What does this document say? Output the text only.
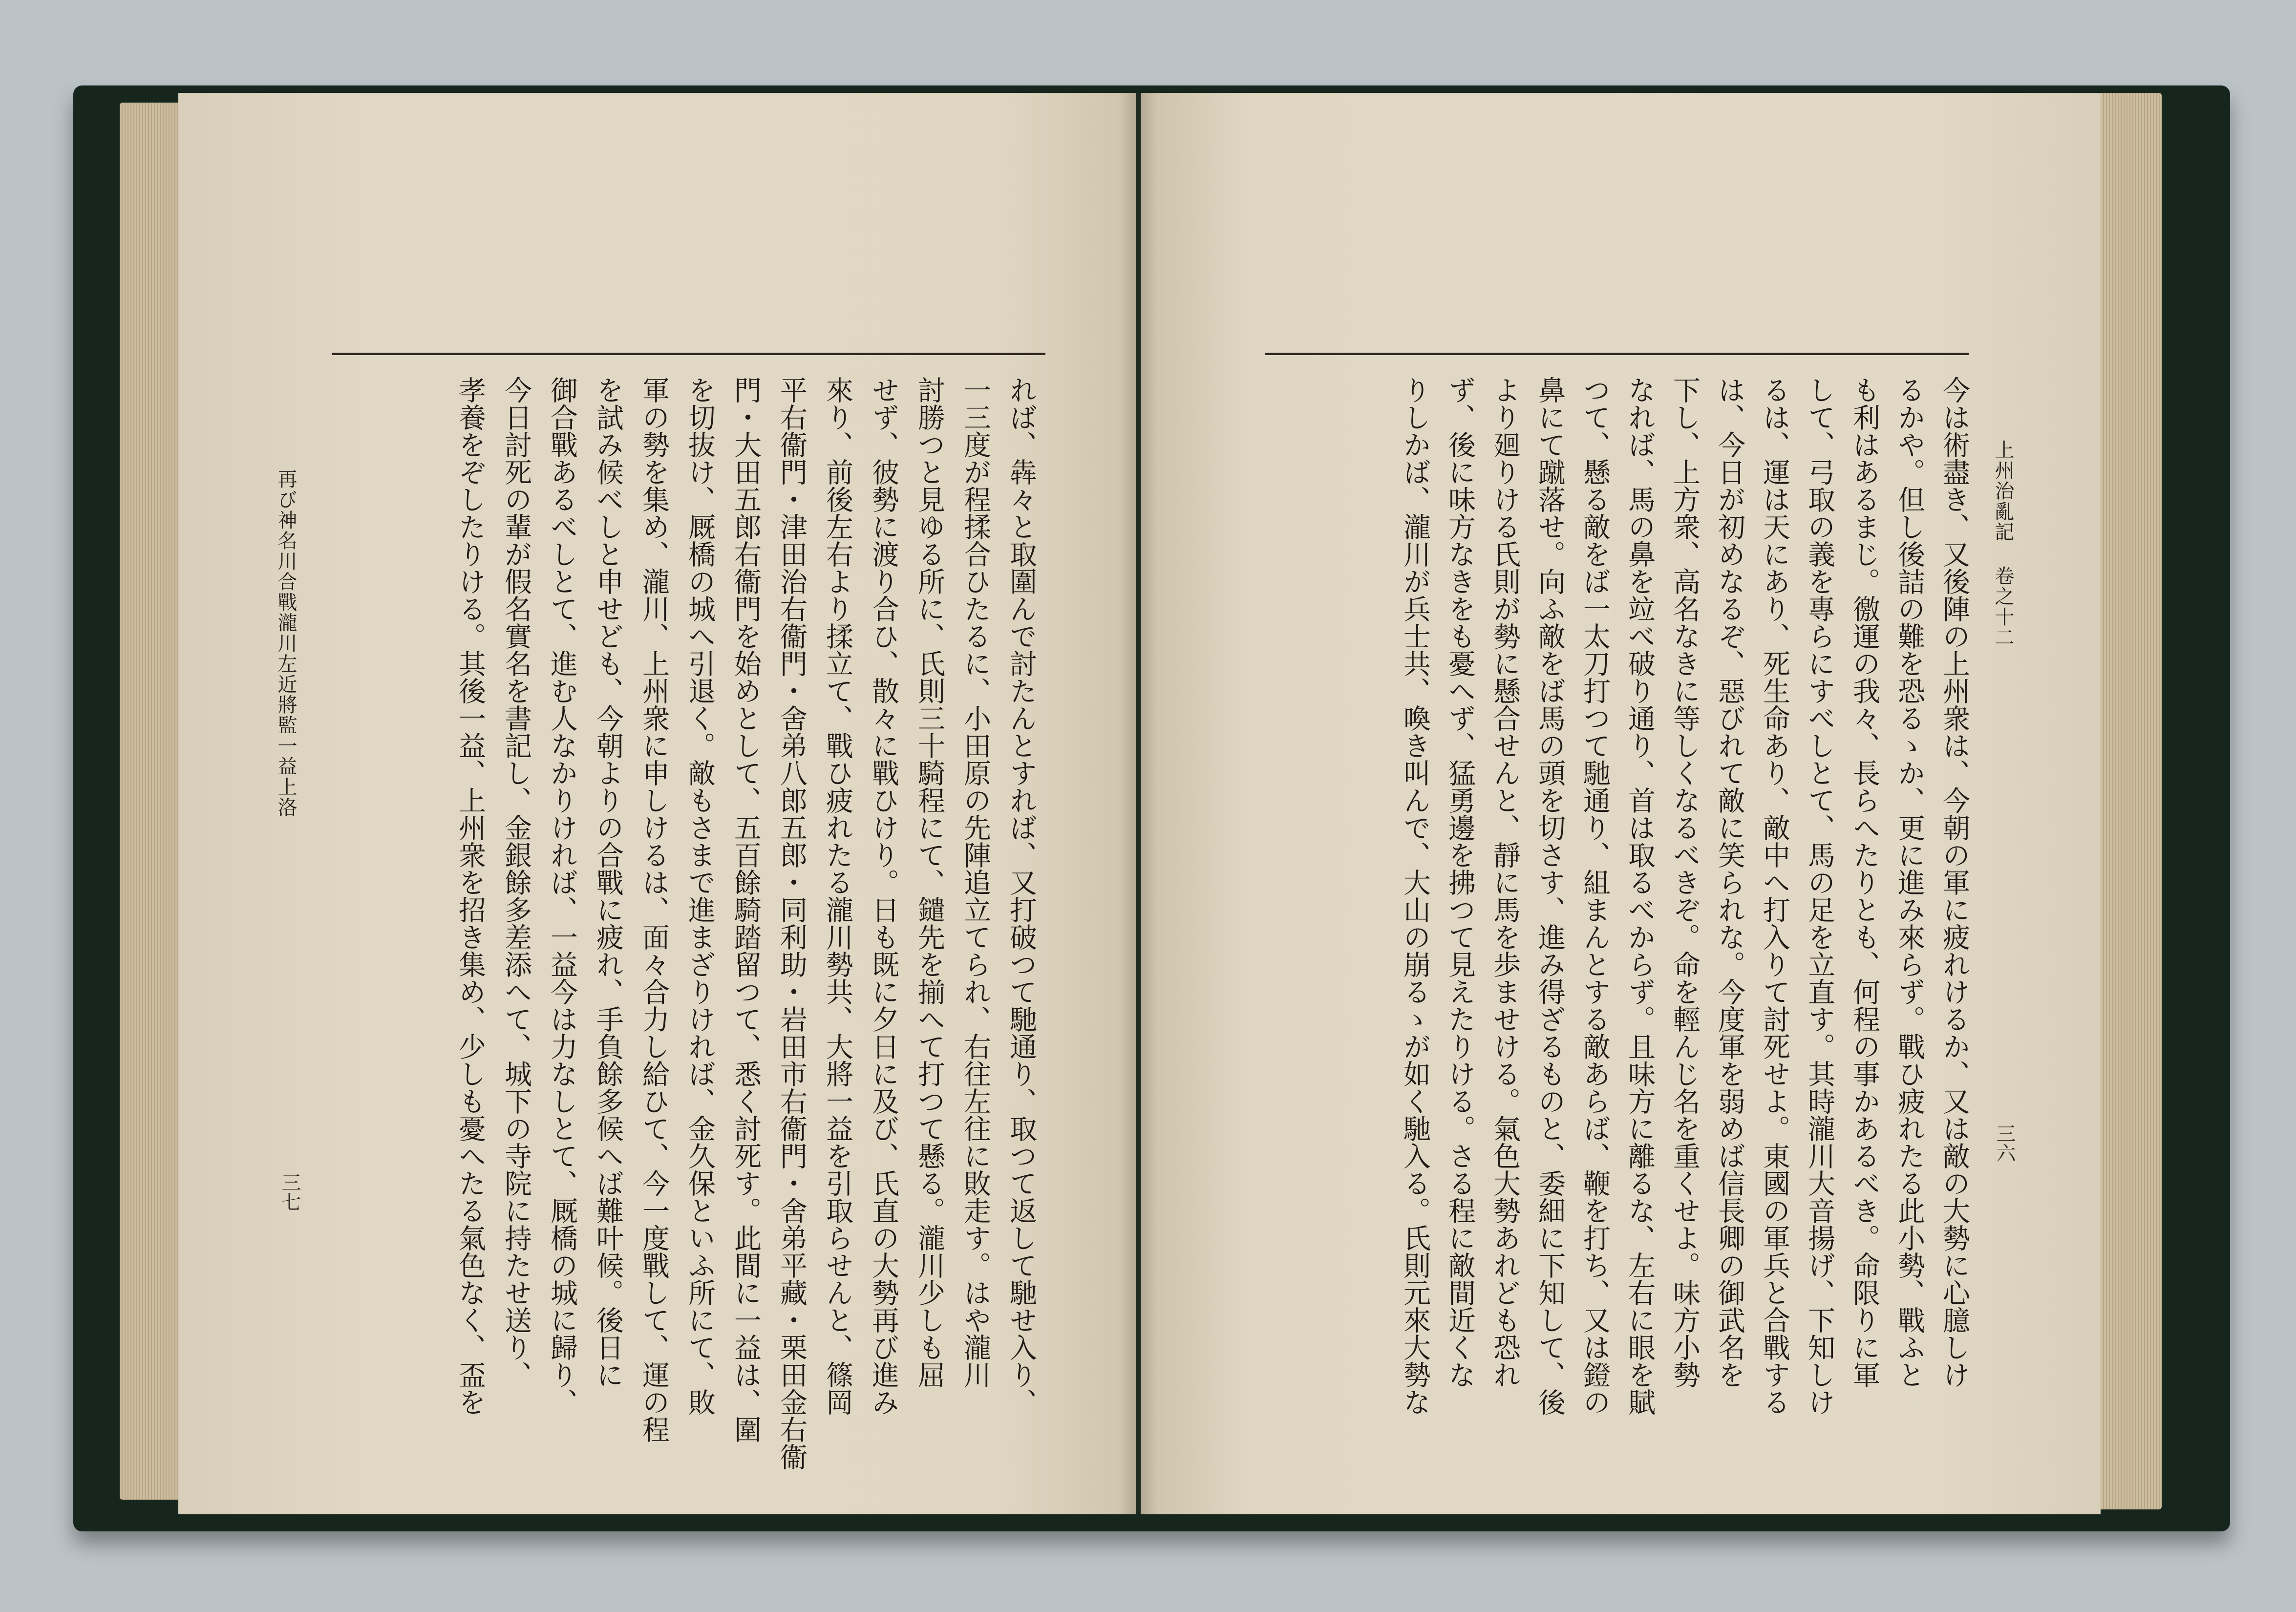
上州治亂記 卷之十二
三六
今は術盡き、又後陣の上州衆は、今朝の軍に疲れけるか、又は敵の大勢に心臆しけ
るかや。但し後詰の難を恐るゝか、更に進み來らず。戰ひ疲れたる此小勢、戰ふと
も利はあるまじ。徼運の我々、長らへたりとも、何程の事かあるべき。命限りに軍
して、弓取の義を專らにすべしとて、馬の足を立直す。其時瀧川大音揚げ、下知しけ
るは、運は天にあり、死生命あり、敵中へ打入りて討死せよ。東國の軍兵と合戰する
は、今日が初めなるぞ、惡びれて敵に笑られな。今度軍を弱めば信長卿の御武名を
下し、上方衆、高名なきに等しくなるべきぞ。命を輕んじ名を重くせよ。味方小勢
なれば、馬の鼻を竝べ破り通り、首は取るべからず。且味方に離るな、左右に眼を賦
つて、懸る敵をば一太刀打つて馳通り、組まんとする敵あらば、鞭を打ち、又は鐙の
鼻にて蹴落せ。向ふ敵をば馬の頭を切さす、進み得ざるものと、委細に下知して、後
より廻りける氏則が勢に懸合せんと、靜に馬を歩ませける。氣色大勢あれども恐れ
ず、後に味方なきをも憂へず、猛勇邊を拂つて見えたりける。さる程に敵間近くな
りしかば、瀧川が兵士共、喚き叫んで、大山の崩るゝが如く馳入る。氏則元來大勢な
れば、犇々と取圍んで討たんとすれば、又打破つて馳通り、取つて返して馳せ入り、
一三度が程揉合ひたるに、小田原の先陣追立てられ、右往左往に敗走す。はや瀧川
討勝つと見ゆる所に、氏則三十騎程にて、鑓先を揃へて打つて懸る。瀧川少しも屈
せず、彼勢に渡り合ひ、散々に戰ひけり。日も既に夕日に及び、氏直の大勢再び進み
來り、前後左右より揉立て、戰ひ疲れたる瀧川勢共、大將一益を引取らせんと、篠岡
平右衞門・津田治右衞門・舍弟八郎五郎・同利助・岩田市右衞門・舍弟平藏・栗田金右衞
門・大田五郎右衞門を始めとして、五百餘騎踏留つて、悉く討死す。此間に一益は、圍
を切抜け、厩橋の城へ引退く。敵もさまで進まざりければ、金久保といふ所にて、敗
軍の勢を集め、瀧川、上州衆に申しけるは、面々合力し給ひて、今一度戰して、運の程
を試み候べしと申せども、今朝よりの合戰に疲れ、手負餘多候へば難叶候。後日に
御合戰あるべしとて、進む人なかりければ、一益今は力なしとて、厩橋の城に歸り、
今日討死の輩が假名實名を書記し、金銀餘多差添へて、城下の寺院に持たせ送り、
孝養をぞしたりける。其後一益、上州衆を招き集め、少しも憂へたる氣色なく、盃を
再び神名川合戰瀧川左近將監一益上洛
三七
